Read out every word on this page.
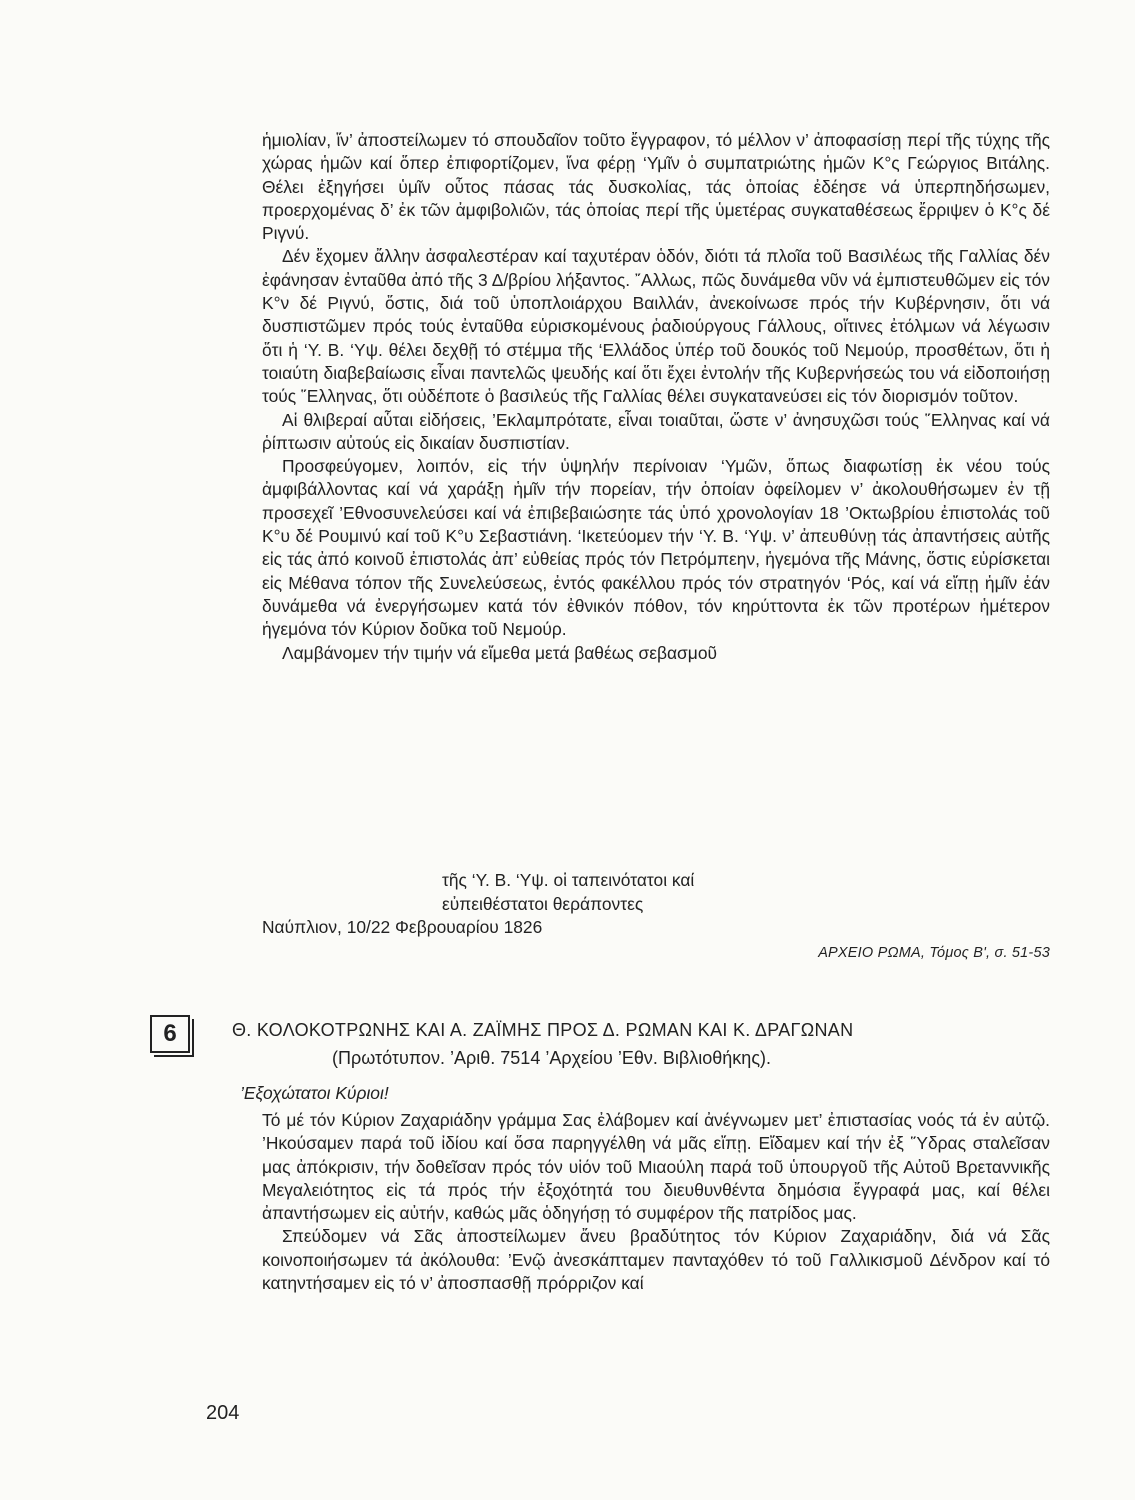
ἡμιολίαν, ἵν’ ἀποστείλωμεν τό σπουδαῖον τοῦτο ἔγγραφον, τό μέλλον ν’ ἀποφασίσῃ περί τῆς τύχης τῆς χώρας ἡμῶν καί ὅπερ ἐπιφορτίζομεν, ἵνα φέρῃ ‘Υμῖν ὁ συμπατριώτης ἡμῶν Κ°ς Γεώργιος Βιτάλης. Θέλει ἐξηγήσει ὑμῖν οὗτος πάσας τάς δυσκολίας, τάς ὁποίας ἐδέησε νά ὑπερπηδήσωμεν, προερχομένας δ’ ἐκ τῶν ἀμφιβολιῶν, τάς ὁποίας περί τῆς ὑμετέρας συγκαταθέσεως ἔρριψεν ὁ Κ°ς δέ Ριγνύ.

Δέν ἔχομεν ἄλλην ἀσφαλεστέραν καί ταχυτέραν ὁδόν, διότι τά πλοῖα τοῦ Βασιλέως τῆς Γαλλίας δέν ἐφάνησαν ἐνταῦθα ἀπό τῆς 3 Δ/βρίου λήξαντος. ῎Αλλως, πῶς δυνάμεθα νῦν νά ἐμπιστευθῶμεν εἰς τόν Κ°ν δέ Ριγνύ, ὅστις, διά τοῦ ὑποπλοιάρχου Βαιλλάν, ἀνεκοίνωσε πρός τήν Κυβέρνησιν, ὅτι νά δυσπιστῶμεν πρός τούς ἐνταῦθα εὑρισκομένους ῥαδιούργους Γάλλους, οἵτινες ἐτόλμων νά λέγωσιν ὅτι ἡ ‘Υ. Β. ‘Υψ. θέλει δεχθῇ τό στέμμα τῆς ‘Ελλάδος ὑπέρ τοῦ δουκός τοῦ Νεμούρ, προσθέτων, ὅτι ἡ τοιαύτη διαβεβαίωσις εἶναι παντελῶς ψευδής καί ὅτι ἔχει ἐντολήν τῆς Κυβερνήσεώς του νά εἰδοποιήσῃ τούς ῞Ελληνας, ὅτι οὐδέποτε ὁ βασιλεύς τῆς Γαλλίας θέλει συγκατανεύσει εἰς τόν διορισμόν τοῦτον.

Αἱ θλιβεραί αὗται εἰδήσεις, ’Εκλαμπρότατε, εἶναι τοιαῦται, ὥστε ν’ ἀνησυχῶσι τούς ῞Ελληνας καί νά ῥίπτωσιν αὐτούς εἰς δικαίαν δυσπιστίαν.

Προσφεύγομεν, λοιπόν, εἰς τήν ὑψηλήν περίνοιαν ‘Υμῶν, ὅπως διαφωτίσῃ ἐκ νέου τούς ἀμφιβάλλοντας καί νά χαράξῃ ἡμῖν τήν πορείαν, τήν ὁποίαν ὀφείλομεν ν’ ἀκολουθήσωμεν ἐν τῇ προσεχεῖ ’Εθνοσυνελεύσει καί νά ἐπιβεβαιώσητε τάς ὑπό χρονολογίαν 18 ’Οκτωβρίου ἐπιστολάς τοῦ Κ°υ δέ Ρουμινύ καί τοῦ Κ°υ Σεβαστιάνη. ‘Ικετεύομεν τήν ‘Υ. Β. ‘Υψ. ν’ ἀπευθύνῃ τάς ἀπαντήσεις αὐτῆς εἰς τάς ἀπό κοινοῦ ἐπιστολάς ἀπ’ εὐθείας πρός τόν Πετρόμπεην, ἡγεμόνα τῆς Μάνης, ὅστις εὑρίσκεται εἰς Μέθανα τόπον τῆς Συνελεύσεως, ἐντός φακέλλου πρός τόν στρατηγόν ‘Ρός, καί νά εἴπῃ ἡμῖν ἐάν δυνάμεθα νά ἐνεργήσωμεν κατά τόν ἐθνικόν πόθον, τόν κηρύττοντα ἐκ τῶν προτέρων ἡμέτερον ἡγεμόνα τόν Κύριον δοῦκα τοῦ Νεμούρ.

Λαμβάνομεν τήν τιμήν νά εἴμεθα μετά βαθέως σεβασμοῦ

τῆς ‘Υ. Β. ‘Υψ. οἱ ταπεινότατοι καί
εὐπειθέστατοι θεράποντες
Ναύπλιον, 10/22 Φεβρουαρίου 1826
ΑΡΧΕΙΟ ΡΩΜΑ, Τόμος Β', σ. 51-53
6	Θ. ΚΟΛΟΚΟΤΡΩΝΗΣ ΚΑΙ Α. ΖΑΪΜΗΣ ΠΡΟΣ Δ. ΡΩΜΑΝ ΚΑΙ Κ. ΔΡΑΓΩΝΑΝ
(Πρωτότυπον. ’Αριθ. 7514 ’Αρχείου ’Εθν. Βιβλιοθήκης).
’Εξοχώτατοι Κύριοι!

Τό μέ τόν Κύριον Ζαχαριάδην γράμμα Σας ἐλάβομεν καί ἀνέγνωμεν μετ’ ἐπιστασίας νοός τά ἐν αὐτῷ. ’Ηκούσαμεν παρά τοῦ ἰδίου καί ὅσα παρηγγέλθη νά μᾶς εἴπῃ. Εἴδαμεν καί τήν ἐξ ῞Υδρας σταλεῖσαν μας ἀπόκρισιν, τήν δοθεῖσαν πρός τόν υἱόν τοῦ Μιαούλη παρά τοῦ ὑπουργοῦ τῆς Αὐτοῦ Βρεταννικῆς Μεγαλειότητος εἰς τά πρός τήν ἐξοχότητά του διευθυνθέντα δημόσια ἔγγραφά μας, καί θέλει ἀπαντήσωμεν εἰς αὐτήν, καθώς μᾶς ὁδηγήσῃ τό συμφέρον τῆς πατρίδος μας.

Σπεύδομεν νά Σᾶς ἀποστείλωμεν ἄνευ βραδύτητος τόν Κύριον Ζαχαριάδην, διά νά Σᾶς κοινοποιήσωμεν τά ἀκόλουθα: ’Ενῷ ἀνεσκάπταμεν πανταχόθεν τό τοῦ Γαλλικισμοῦ Δένδρον καί τό κατηντήσαμεν εἰς τό ν’ ἀποσπασθῇ πρόρριζον καί

204
